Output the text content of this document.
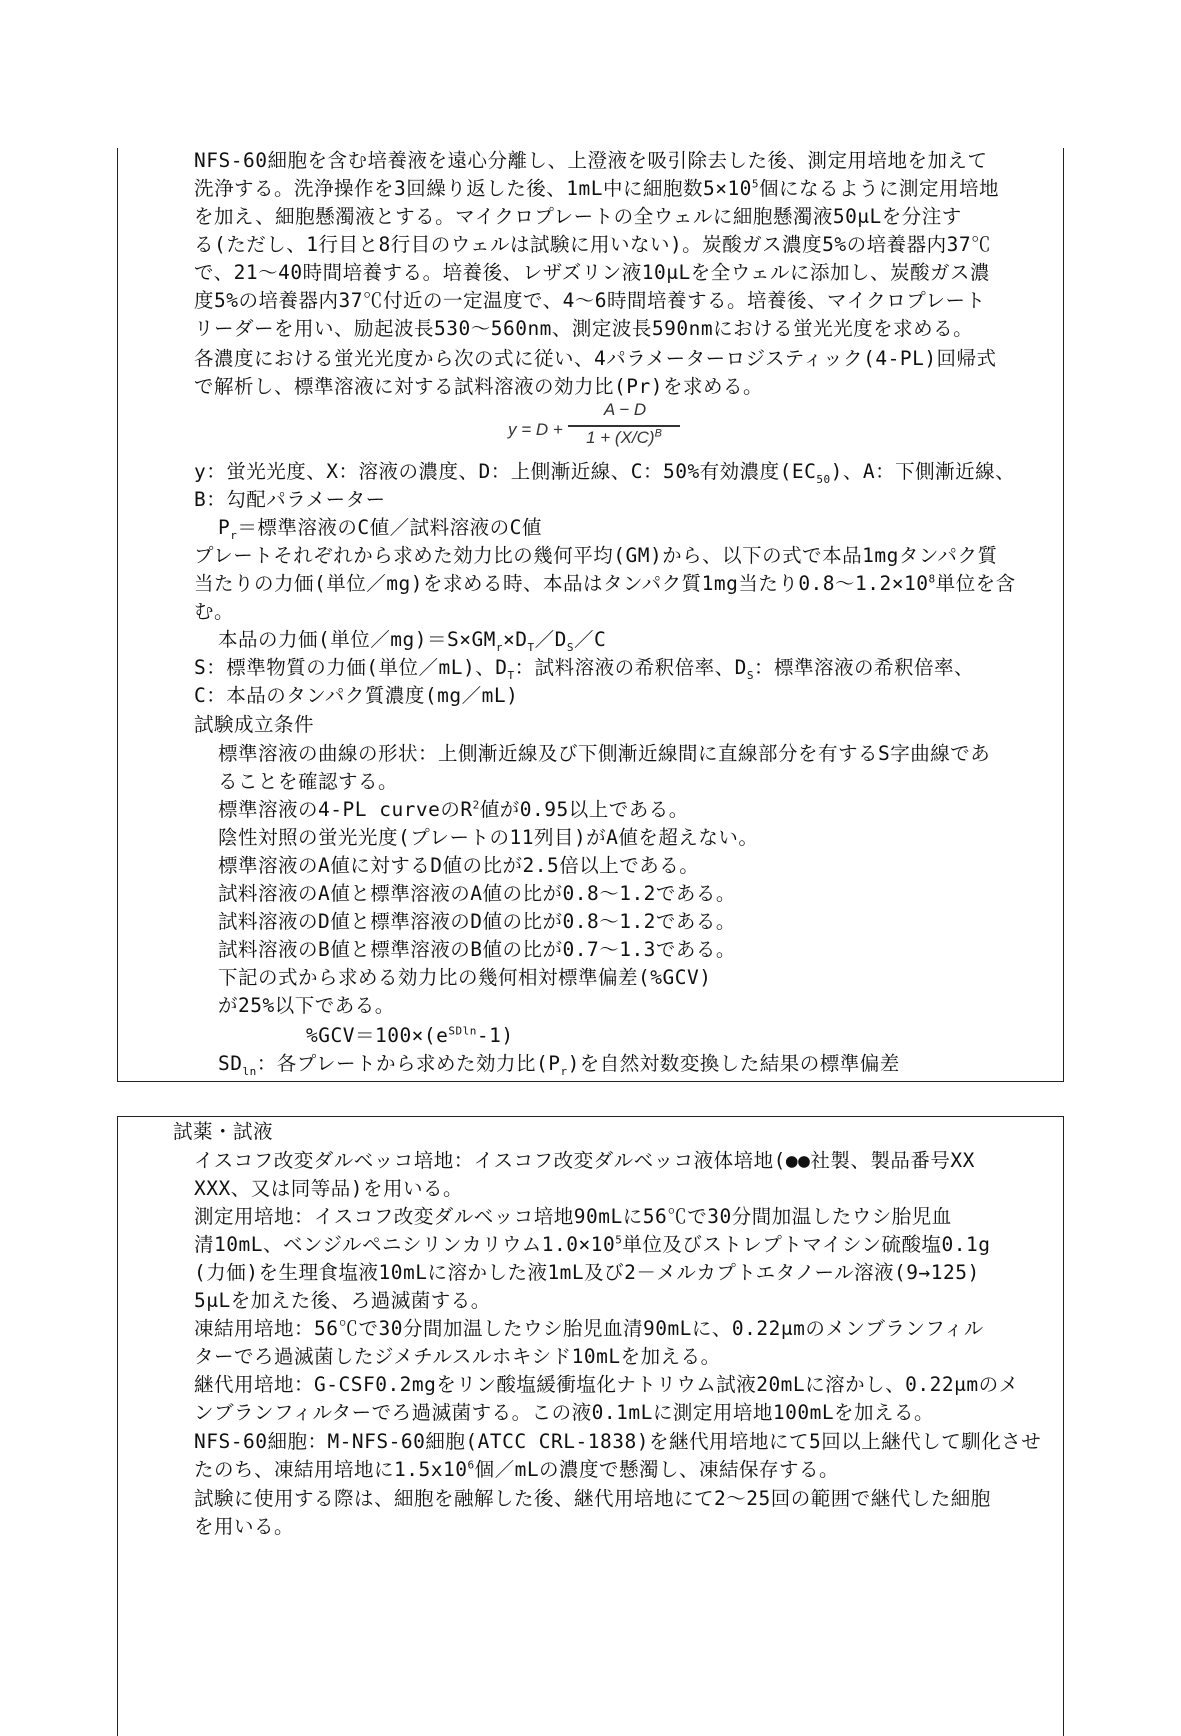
NFS-60細胞を含む培養液を遠心分離し、上澄液を吸引除去した後、測定用培地を加えて
洗浄する。洗浄操作を3回繰り返した後、1mL中に細胞数$5\times 10^5$個になるように測定用培地
を加え、細胞懸濁液とする。マイクロプレートの全ウェルに細胞懸濁液50μLを分注す
る(ただし、1行目と8行目のウェルは試験に用いない)。炭酸ガス濃度5%の培養器内37℃
で、21～40時間培養する。培養後、レザズリン液10μLを全ウェルに添加し、炭酸ガス濃
度5%の培養器内37℃付近の一定温度で、4～6時間培養する。培養後、マイクロプレート
リーダーを用い、励起波長530～560nm、測定波長590nmにおける蛍光光度を求める。
各濃度における蛍光光度から次の式に従い、4パラメーターロジスティック(4-PL)回帰式
で解析し、標準溶液に対する試料溶液の効力比(Pr)を求める。
y = D +
A − D
$1 + (X/C)^B$
y：蛍光光度、X：溶液の濃度、D：上側漸近線、C：50%有効濃度$(EC_{50})$、A：下側漸近線、
B：勾配パラメーター
$P_r=$標準溶液のC値／試料溶液のC値
プレートそれぞれから求めた効力比の幾何平均(GM)から、以下の式で本品1mgタンパク質
当たりの力価(単位／mg)を求める時、本品はタンパク質1mg当たり$0.8\sim 1.2\times 10^8$単位を含
む。
本品の力価(単位$/mg)=S\times GM_r\times D_T/D_S/C$
S：標準物質の力価(単位／mL)、$D_T$：試料溶液の希釈倍率、$D_S$：標準溶液の希釈倍率、
C：本品のタンパク質濃度(mg／mL)
試験成立条件
標準溶液の曲線の形状：上側漸近線及び下側漸近線間に直線部分を有するS字曲線であ
ることを確認する。
標準溶液の4-PL curveの$R^2$値が0.95以上である。
陰性対照の蛍光光度(プレートの11列目)がA値を超えない。
標準溶液のA値に対するD値の比が2.5倍以上である。
試料溶液のA値と標準溶液のA値の比が0.8～1.2である。
試料溶液のD値と標準溶液のD値の比が0.8～1.2である。
試料溶液のB値と標準溶液のB値の比が0.7～1.3である。
下記の式から求める効力比の幾何相対標準偏差(%GCV)
が25%以下である。
$\%GCV=100\times(e^{SDln}-1)$
$SD_{ln}$：各プレートから求めた効力比$(P_r)$を自然対数変換した結果の標準偏差
試薬・試液
イスコフ改変ダルベッコ培地：イスコフ改変ダルベッコ液体培地(●●社製、製品番号XX
XXX、又は同等品)を用いる。
測定用培地：イスコフ改変ダルベッコ培地90mLに56℃で30分間加温したウシ胎児血
清10mL、ベンジルペニシリンカリウム$1.0\times 10^5$単位及びストレプトマイシン硫酸塩0.1g
(力価)を生理食塩液10mLに溶かした液1mL及び2－メルカプトエタノール溶液(9→125)
5μLを加えた後、ろ過滅菌する。
凍結用培地：56℃で30分間加温したウシ胎児血清90mLに、0.22μmのメンブランフィル
ターでろ過滅菌したジメチルスルホキシド10mLを加える。
継代用培地：G-CSF0.2mgをリン酸塩緩衝塩化ナトリウム試液20mLに溶かし、0.22μmのメ
ンブランフィルターでろ過滅菌する。この液0.1mLに測定用培地100mLを加える。
NFS-60細胞：M-NFS-60細胞(ATCC CRL-1838)を継代用培地にて5回以上継代して馴化させ
たのち、凍結用培地に$1.5x10^6$個／mLの濃度で懸濁し、凍結保存する。
試験に使用する際は、細胞を融解した後、継代用培地にて2～25回の範囲で継代した細胞
を用いる。
